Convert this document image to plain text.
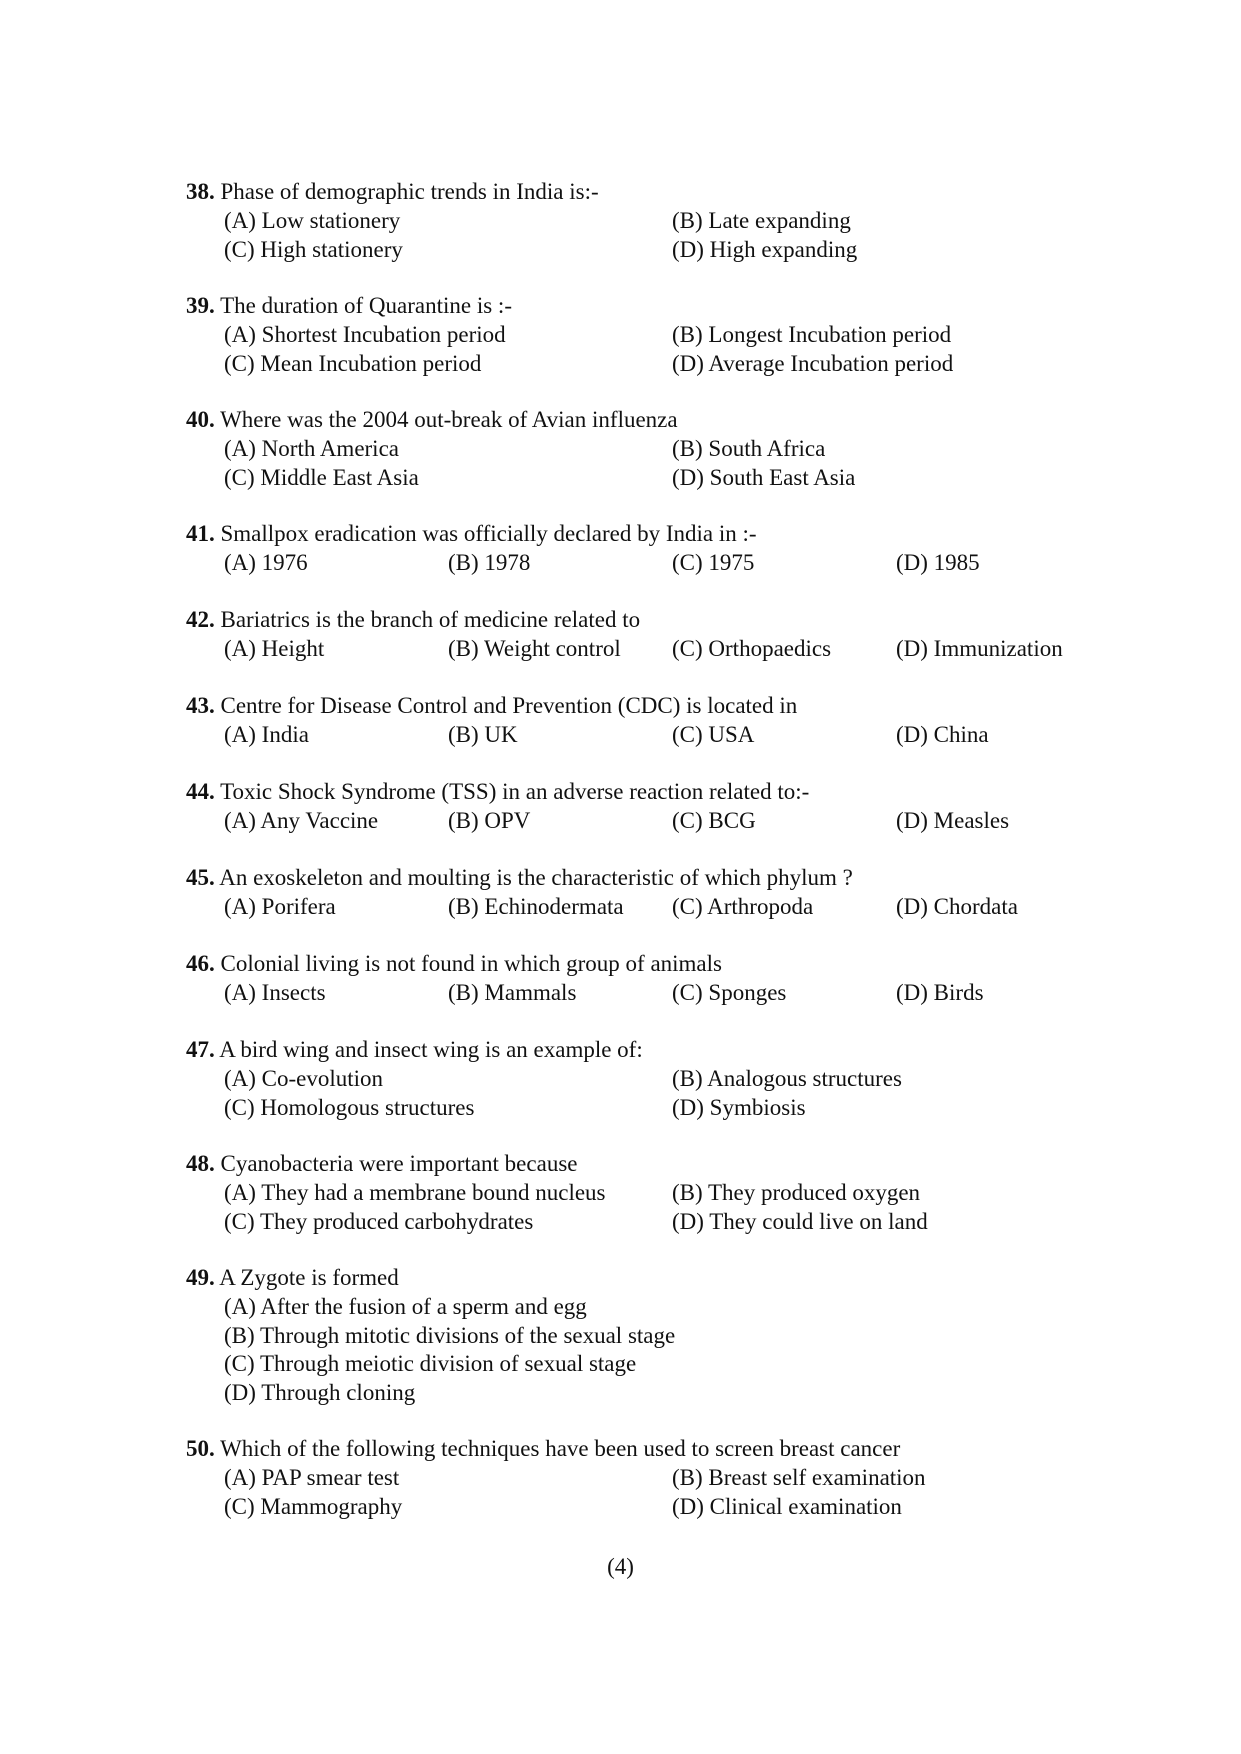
38. Phase of demographic trends in India is:-
(A) Low stationery	(B) Late expanding
(C) High stationery	(D) High expanding
39. The duration of Quarantine is :-
(A) Shortest Incubation period	(B) Longest Incubation period
(C) Mean Incubation period	(D) Average Incubation period
40. Where was the 2004 out-break of Avian influenza
(A) North America	(B) South Africa
(C) Middle East Asia	(D) South East Asia
41. Smallpox eradication was officially declared by India in :-
(A) 1976	(B) 1978	(C) 1975	(D) 1985
42. Bariatrics is the branch of medicine related to
(A) Height	(B) Weight control (C) Orthopaedics	(D) Immunization
43. Centre for Disease Control and Prevention (CDC) is located in
(A) India	(B) UK	(C) USA	(D) China
44. Toxic Shock Syndrome (TSS) in an adverse reaction related to:-
(A) Any Vaccine	(B) OPV	(C) BCG	(D) Measles
45. An exoskeleton and moulting is the characteristic of which phylum ?
(A) Porifera	(B) Echinodermata (C) Arthropoda	(D) Chordata
46. Colonial living is not found in which group of animals
(A) Insects	(B) Mammals	(C) Sponges	(D) Birds
47. A bird wing and insect wing is an example of:
(A) Co-evolution	(B) Analogous structures
(C) Homologous structures	(D) Symbiosis
48. Cyanobacteria were important because
(A) They had a membrane bound nucleus	(B) They produced oxygen
(C) They produced carbohydrates	(D) They could live on land
49. A Zygote is formed
(A) After the fusion of a sperm and egg
(B) Through mitotic divisions of the sexual stage
(C) Through meiotic division of sexual stage
(D) Through cloning
50. Which of the following techniques have been used to screen breast cancer
(A) PAP smear test	(B) Breast self examination
(C) Mammography	(D) Clinical examination
(4)
